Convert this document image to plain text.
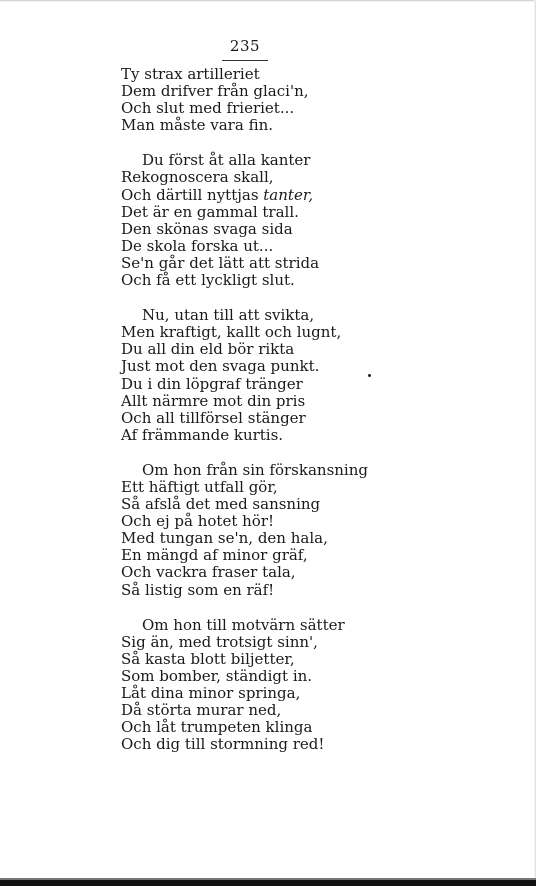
235
Ty strax artilleriet
Dem drifver från glaci'n,
Och slut med frieriet...
Man måste vara fin.
Du först åt alla kanter
Rekognoscera skall,
Och därtill nyttjas tanter,
Det är en gammal trall.
Den skönas svaga sida
De skola forska ut...
Se'n går det lätt att strida
Och få ett lyckligt slut.
Nu, utan till att svikta,
Men kraftigt, kallt och lugnt,
Du all din eld bör rikta
Just mot den svaga punkt.
Du i din löpgraf tränger
Allt närmre mot din pris
Och all tillförsel stänger
Af främmande kurtis.
Om hon från sin förskansning
Ett häftigt utfall gör,
Så afslå det med sansning
Och ej på hotet hör!
Med tungan se'n, den hala,
En mängd af minor gräf,
Och vackra fraser tala,
Så listig som en räf!
Om hon till motvärn sätter
Sig än, med trotsigt sinn',
Så kasta blott biljetter,
Som bomber, ständigt in.
Låt dina minor springa,
Då störta murar ned,
Och låt trumpeten klinga
Och dig till stormning red!
